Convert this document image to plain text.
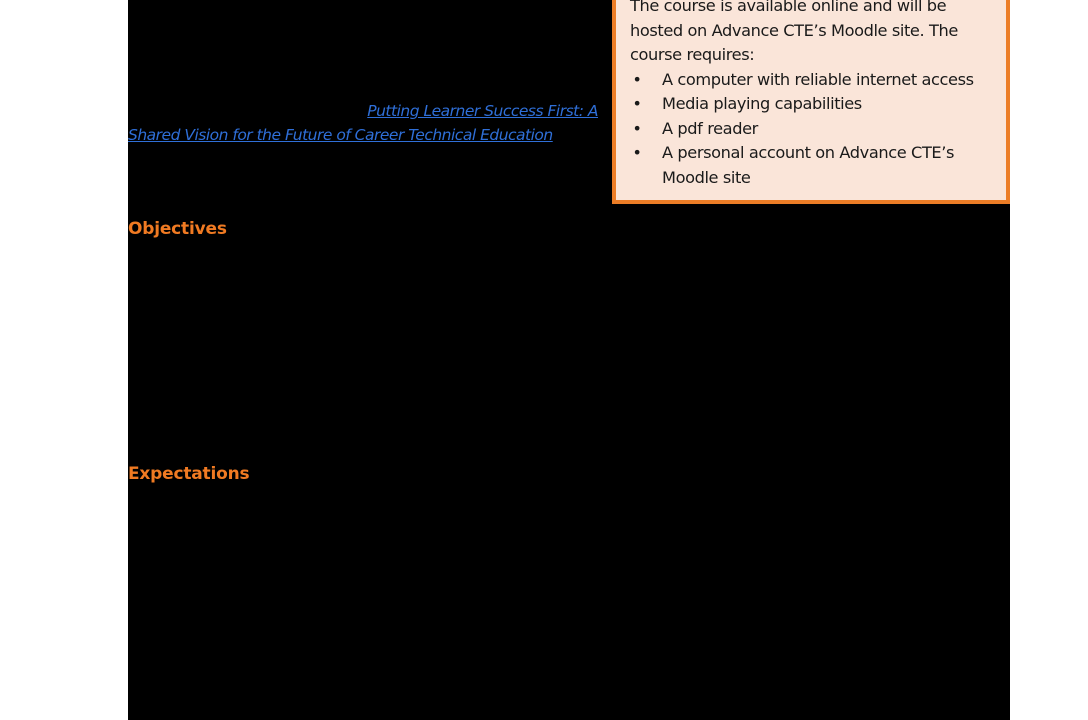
Putting Learner Success First: A
Shared Vision for the Future of Career Technical Education
Objectives
Expectations

The course is available online and will be hosted on Advance CTE’s Moodle site. The course requires:

• A computer with reliable internet access
• Media playing capabilities
• A pdf reader
• A personal account on Advance CTE’s Moodle site
